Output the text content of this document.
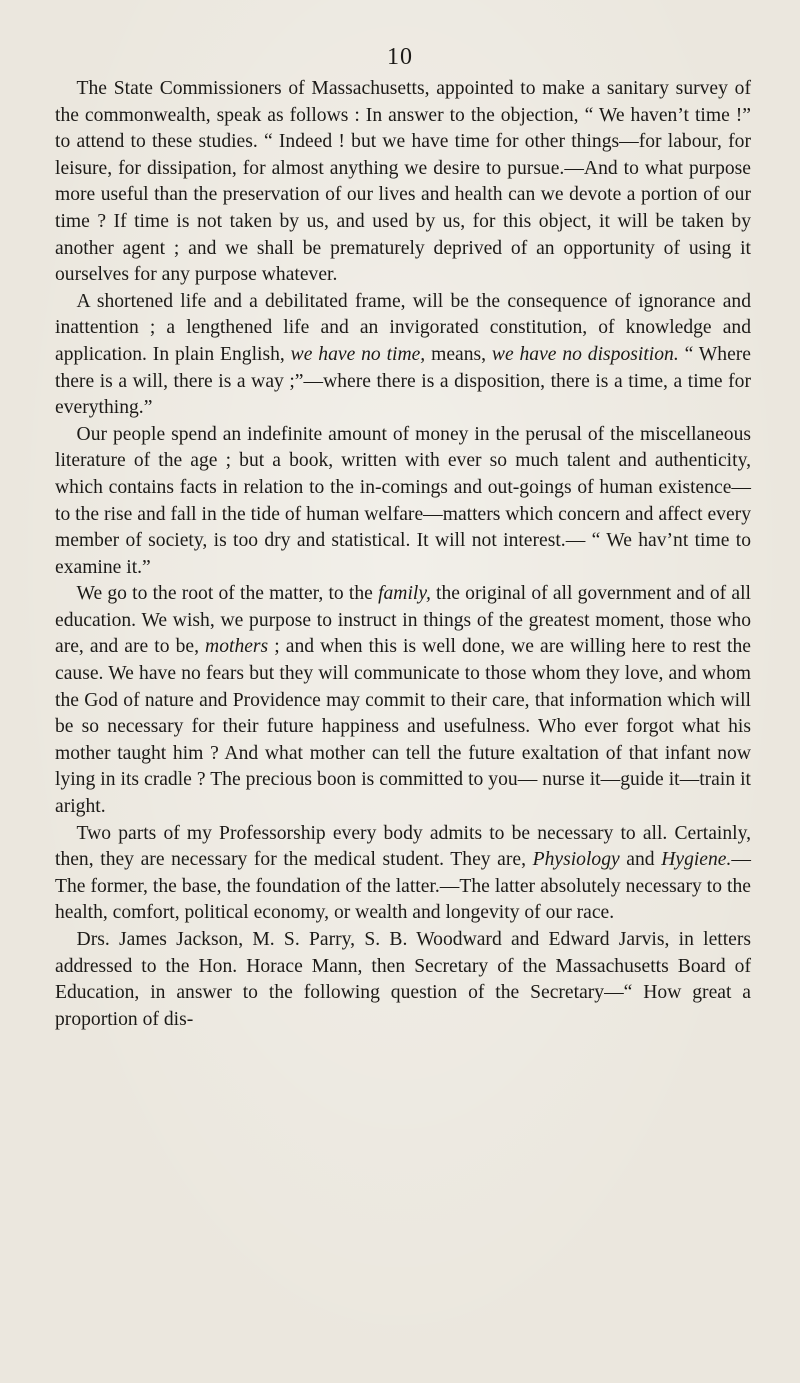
10

The State Commissioners of Massachusetts, appointed to make a sanitary survey of the commonwealth, speak as follows : In answer to the objection, “ We haven’t time !” to attend to these studies. “ Indeed ! but we have time for other things—for labour, for leisure, for dissipation, for almost anything we desire to pursue.—And to what purpose more useful than the preservation of our lives and health can we devote a portion of our time ? If time is not taken by us, and used by us, for this object, it will be taken by another agent ; and we shall be prematurely deprived of an opportunity of using it ourselves for any purpose whatever.

A shortened life and a debilitated frame, will be the consequence of ignorance and inattention ; a lengthened life and an invigorated constitution, of knowledge and application. In plain English, we have no time, means, we have no disposition. “ Where there is a will, there is a way ;”—where there is a disposition, there is a time, a time for everything.”

Our people spend an indefinite amount of money in the perusal of the miscellaneous literature of the age ; but a book, written with ever so much talent and authenticity, which contains facts in relation to the in-comings and out-goings of human existence—to the rise and fall in the tide of human welfare—matters which concern and affect every member of society, is too dry and statistical. It will not interest.— “ We hav’nt time to examine it.”

We go to the root of the matter, to the family, the original of all government and of all education. We wish, we purpose to instruct in things of the greatest moment, those who are, and are to be, mothers ; and when this is well done, we are willing here to rest the cause. We have no fears but they will communicate to those whom they love, and whom the God of nature and Providence may commit to their care, that information which will be so necessary for their future happiness and usefulness. Who ever forgot what his mother taught him ? And what mother can tell the future exaltation of that infant now lying in its cradle ? The precious boon is committed to you— nurse it—guide it—train it aright.

Two parts of my Professorship every body admits to be necessary to all. Certainly, then, they are necessary for the medical student. They are, Physiology and Hygiene.—The former, the base, the foundation of the latter.—The latter absolutely necessary to the health, comfort, political economy, or wealth and longevity of our race.

Drs. James Jackson, M. S. Parry, S. B. Woodward and Edward Jarvis, in letters addressed to the Hon. Horace Mann, then Secretary of the Massachusetts Board of Education, in answer to the following question of the Secretary—“ How great a proportion of dis-
